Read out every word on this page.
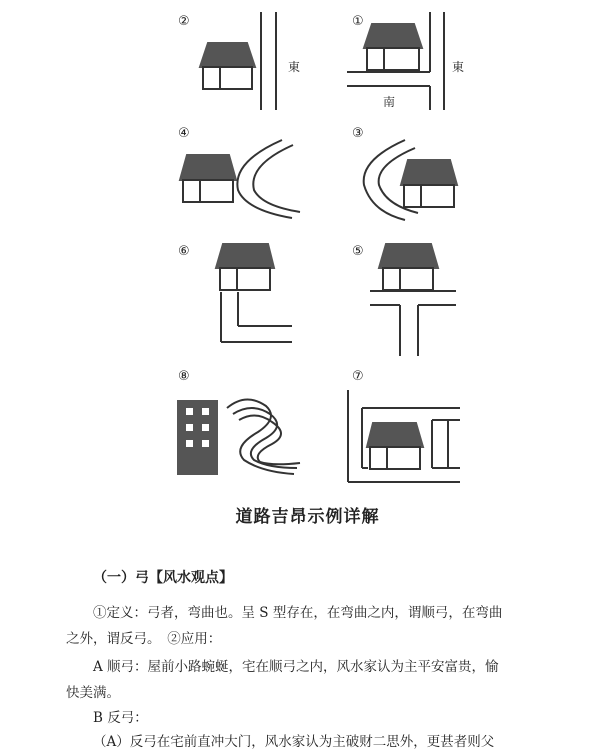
②	①
④	③
⑥	⑤
⑧	⑦
東	東
南
道路吉昂示例详解
（一）弓【风水观点】
①定义：弓者，弯曲也。呈 S 型存在，在弯曲之内，谓顺弓，在弯曲
之外，谓反弓。　②应用：
A 顺弓：屋前小路蜿蜒，宅在顺弓之内，风水家认为主平安富贵，愉
快美满。
B 反弓：
（A）反弓在宅前直冲大门，风水家认为主破财二思外，更甚者则父
